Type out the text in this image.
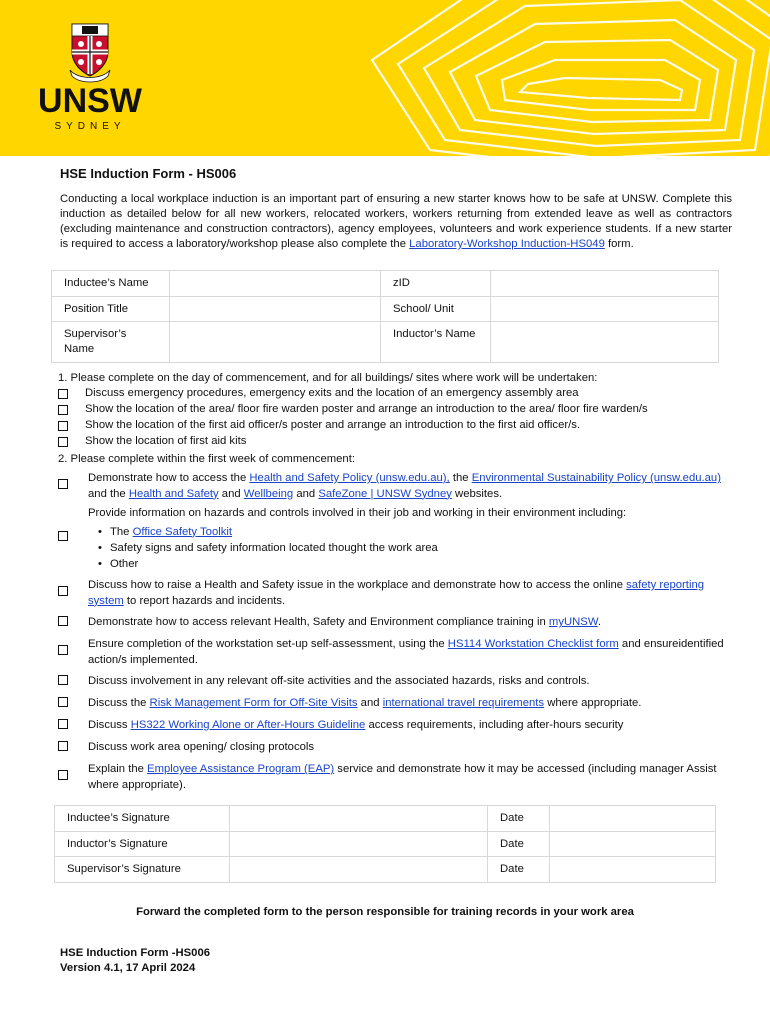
UNSW
SYDNEY
HSE Induction Form - HS006

Conducting a local workplace induction is an important part of ensuring a new starter knows how to be safe at UNSW. Complete this induction as detailed below for all new workers, relocated workers, workers returning from extended leave as well as contractors (excluding maintenance and construction contractors), agency employees, volunteers and work experience students. If a new starter is required to access a laboratory/workshop please also complete the Laboratory-Workshop Induction-HS049 form.

Inductee’s Name		zID	
Position Title		School/ Unit	
Supervisor’s Name		Inductor’s Name	
1. Please complete on the day of commencement, and for all buildings/ sites where work will be undertaken:
Discuss emergency procedures, emergency exits and the location of an emergency assembly area
Show the location of the area/ floor fire warden poster and arrange an introduction to the area/ floor fire warden/s
Show the location of the first aid officer/s poster and arrange an introduction to the first aid officer/s.
Show the location of first aid kits
2. Please complete within the first week of commencement:
Demonstrate how to access the Health and Safety Policy (unsw.edu.au), the Environmental Sustainability Policy (unsw.edu.au) and the Health and Safety and Wellbeing and SafeZone | UNSW Sydney websites.
Provide information on hazards and controls involved in their job and working in their environment including:
• The Office Safety Toolkit
• Safety signs and safety information located thought the work area
• Other
Discuss how to raise a Health and Safety issue in the workplace and demonstrate how to access the online safety reporting system to report hazards and incidents.
Demonstrate how to access relevant Health, Safety and Environment compliance training in myUNSW.
Ensure completion of the workstation set-up self-assessment, using the HS114 Workstation Checklist form and ensureidentified action/s implemented.
Discuss involvement in any relevant off-site activities and the associated hazards, risks and controls.
Discuss the Risk Management Form for Off-Site Visits and international travel requirements where appropriate.
Discuss HS322 Working Alone or After-Hours Guideline access requirements, including after-hours security
Discuss work area opening/ closing protocols
Explain the Employee Assistance Program (EAP) service and demonstrate how it may be accessed (including manager Assist where appropriate).
Inductee’s Signature		Date	
Inductor’s Signature		Date	
Supervisor’s Signature		Date	
Forward the completed form to the person responsible for training records in your work area
HSE Induction Form -HS006
Version 4.1, 17 April 2024
